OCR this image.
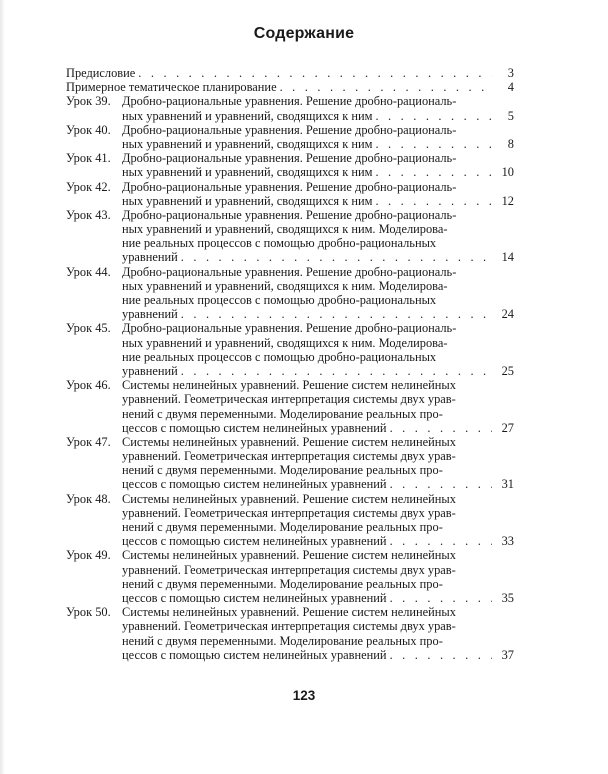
Содержание
Предисловие . . .	3
Примерное тематическое планирование . . .	4
Урок 39. Дробно-рациональные уравнения. Решение дробно-рациональ-
ных уравнений и уравнений, сводящихся к ним . . .	5
Урок 40. Дробно-рациональные уравнения. Решение дробно-рациональ-
ных уравнений и уравнений, сводящихся к ним . . .	8
Урок 41. Дробно-рациональные уравнения. Решение дробно-рациональ-
ных уравнений и уравнений, сводящихся к ним . . .	10
Урок 42. Дробно-рациональные уравнения. Решение дробно-рациональ-
ных уравнений и уравнений, сводящихся к ним . . .	12
Урок 43. Дробно-рациональные уравнения. Решение дробно-рациональ-
ных уравнений и уравнений, сводящихся к ним. Моделирова-
ние реальных процессов с помощью дробно-рациональных
уравнений . . .	14
Урок 44. Дробно-рациональные уравнения. Решение дробно-рациональ-
ных уравнений и уравнений, сводящихся к ним. Моделирова-
ние реальных процессов с помощью дробно-рациональных
уравнений . . .	24
Урок 45. Дробно-рациональные уравнения. Решение дробно-рациональ-
ных уравнений и уравнений, сводящихся к ним. Моделирова-
ние реальных процессов с помощью дробно-рациональных
уравнений . . .	25
Урок 46. Системы нелинейных уравнений. Решение систем нелинейных
уравнений. Геометрическая интерпретация системы двух урав-
нений с двумя переменными. Моделирование реальных про-
цессов с помощью систем нелинейных уравнений . . .	27
Урок 47. Системы нелинейных уравнений. Решение систем нелинейных
уравнений. Геометрическая интерпретация системы двух урав-
нений с двумя переменными. Моделирование реальных про-
цессов с помощью систем нелинейных уравнений . . .	31
Урок 48. Системы нелинейных уравнений. Решение систем нелинейных
уравнений. Геометрическая интерпретация системы двух урав-
нений с двумя переменными. Моделирование реальных про-
цессов с помощью систем нелинейных уравнений . . .	33
Урок 49. Системы нелинейных уравнений. Решение систем нелинейных
уравнений. Геометрическая интерпретация системы двух урав-
нений с двумя переменными. Моделирование реальных про-
цессов с помощью систем нелинейных уравнений . . .	35
Урок 50. Системы нелинейных уравнений. Решение систем нелинейных
уравнений. Геометрическая интерпретация системы двух урав-
нений с двумя переменными. Моделирование реальных про-
цессов с помощью систем нелинейных уравнений . . .	37
123
